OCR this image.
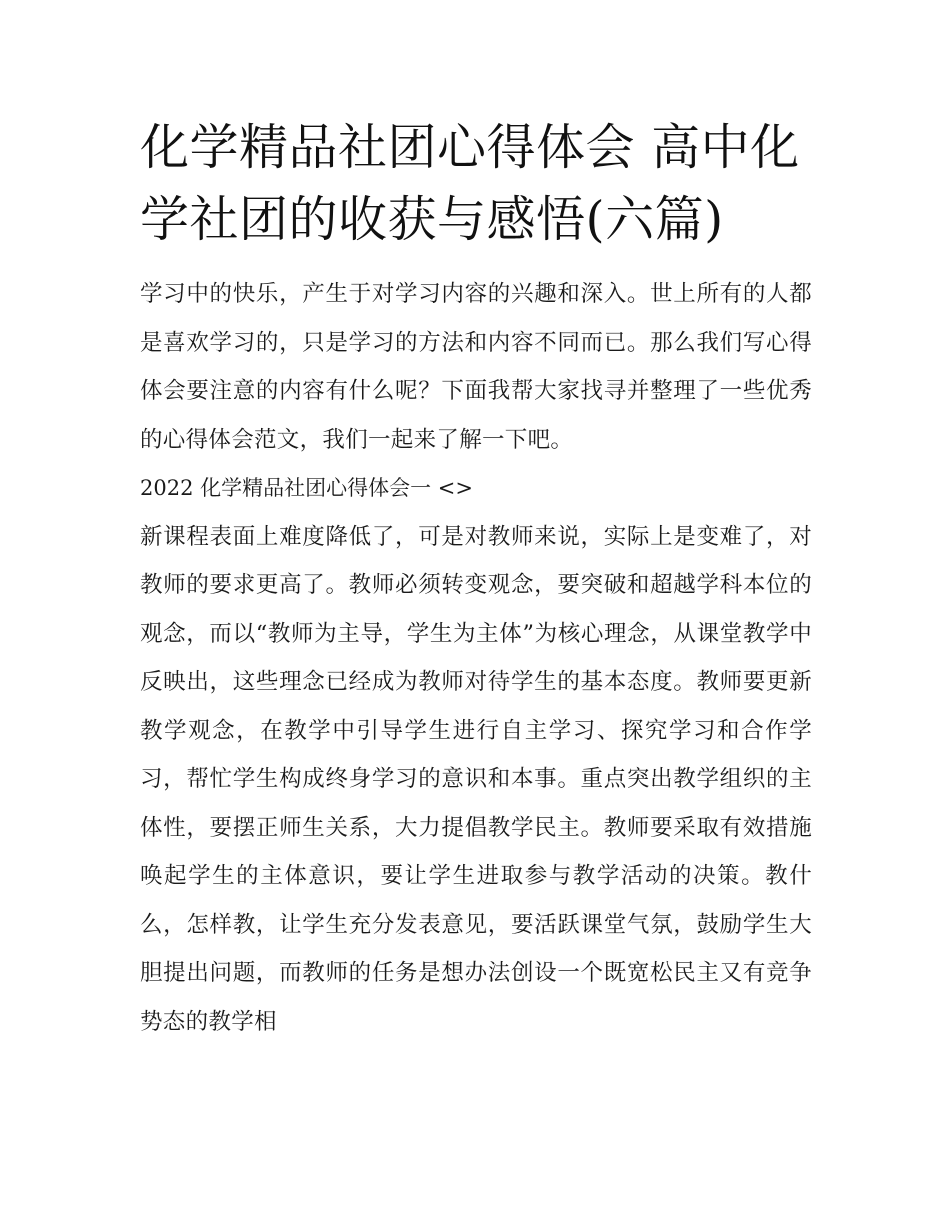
化学精品社团心得体会 高中化学社团的收获与感悟(六篇)

学习中的快乐，产生于对学习内容的兴趣和深入。世上所有的人都是喜欢学习的，只是学习的方法和内容不同而已。那么我们写心得体会要注意的内容有什么呢？下面我帮大家找寻并整理了一些优秀的心得体会范文，我们一起来了解一下吧。

2022 化学精品社团心得体会一 <>

新课程表面上难度降低了，可是对教师来说，实际上是变难了，对教师的要求更高了。教师必须转变观念，要突破和超越学科本位的观念，而以“教师为主导，学生为主体”为核心理念，从课堂教学中反映出，这些理念已经成为教师对待学生的基本态度。教师要更新教学观念，在教学中引导学生进行自主学习、探究学习和合作学习，帮忙学生构成终身学习的意识和本事。重点突出教学组织的主体性，要摆正师生关系，大力提倡教学民主。教师要采取有效措施唤起学生的主体意识，要让学生进取参与教学活动的决策。教什么，怎样教，让学生充分发表意见，要活跃课堂气氛，鼓励学生大胆提出问题，而教师的任务是想办法创设一个既宽松民主又有竞争势态的教学相
